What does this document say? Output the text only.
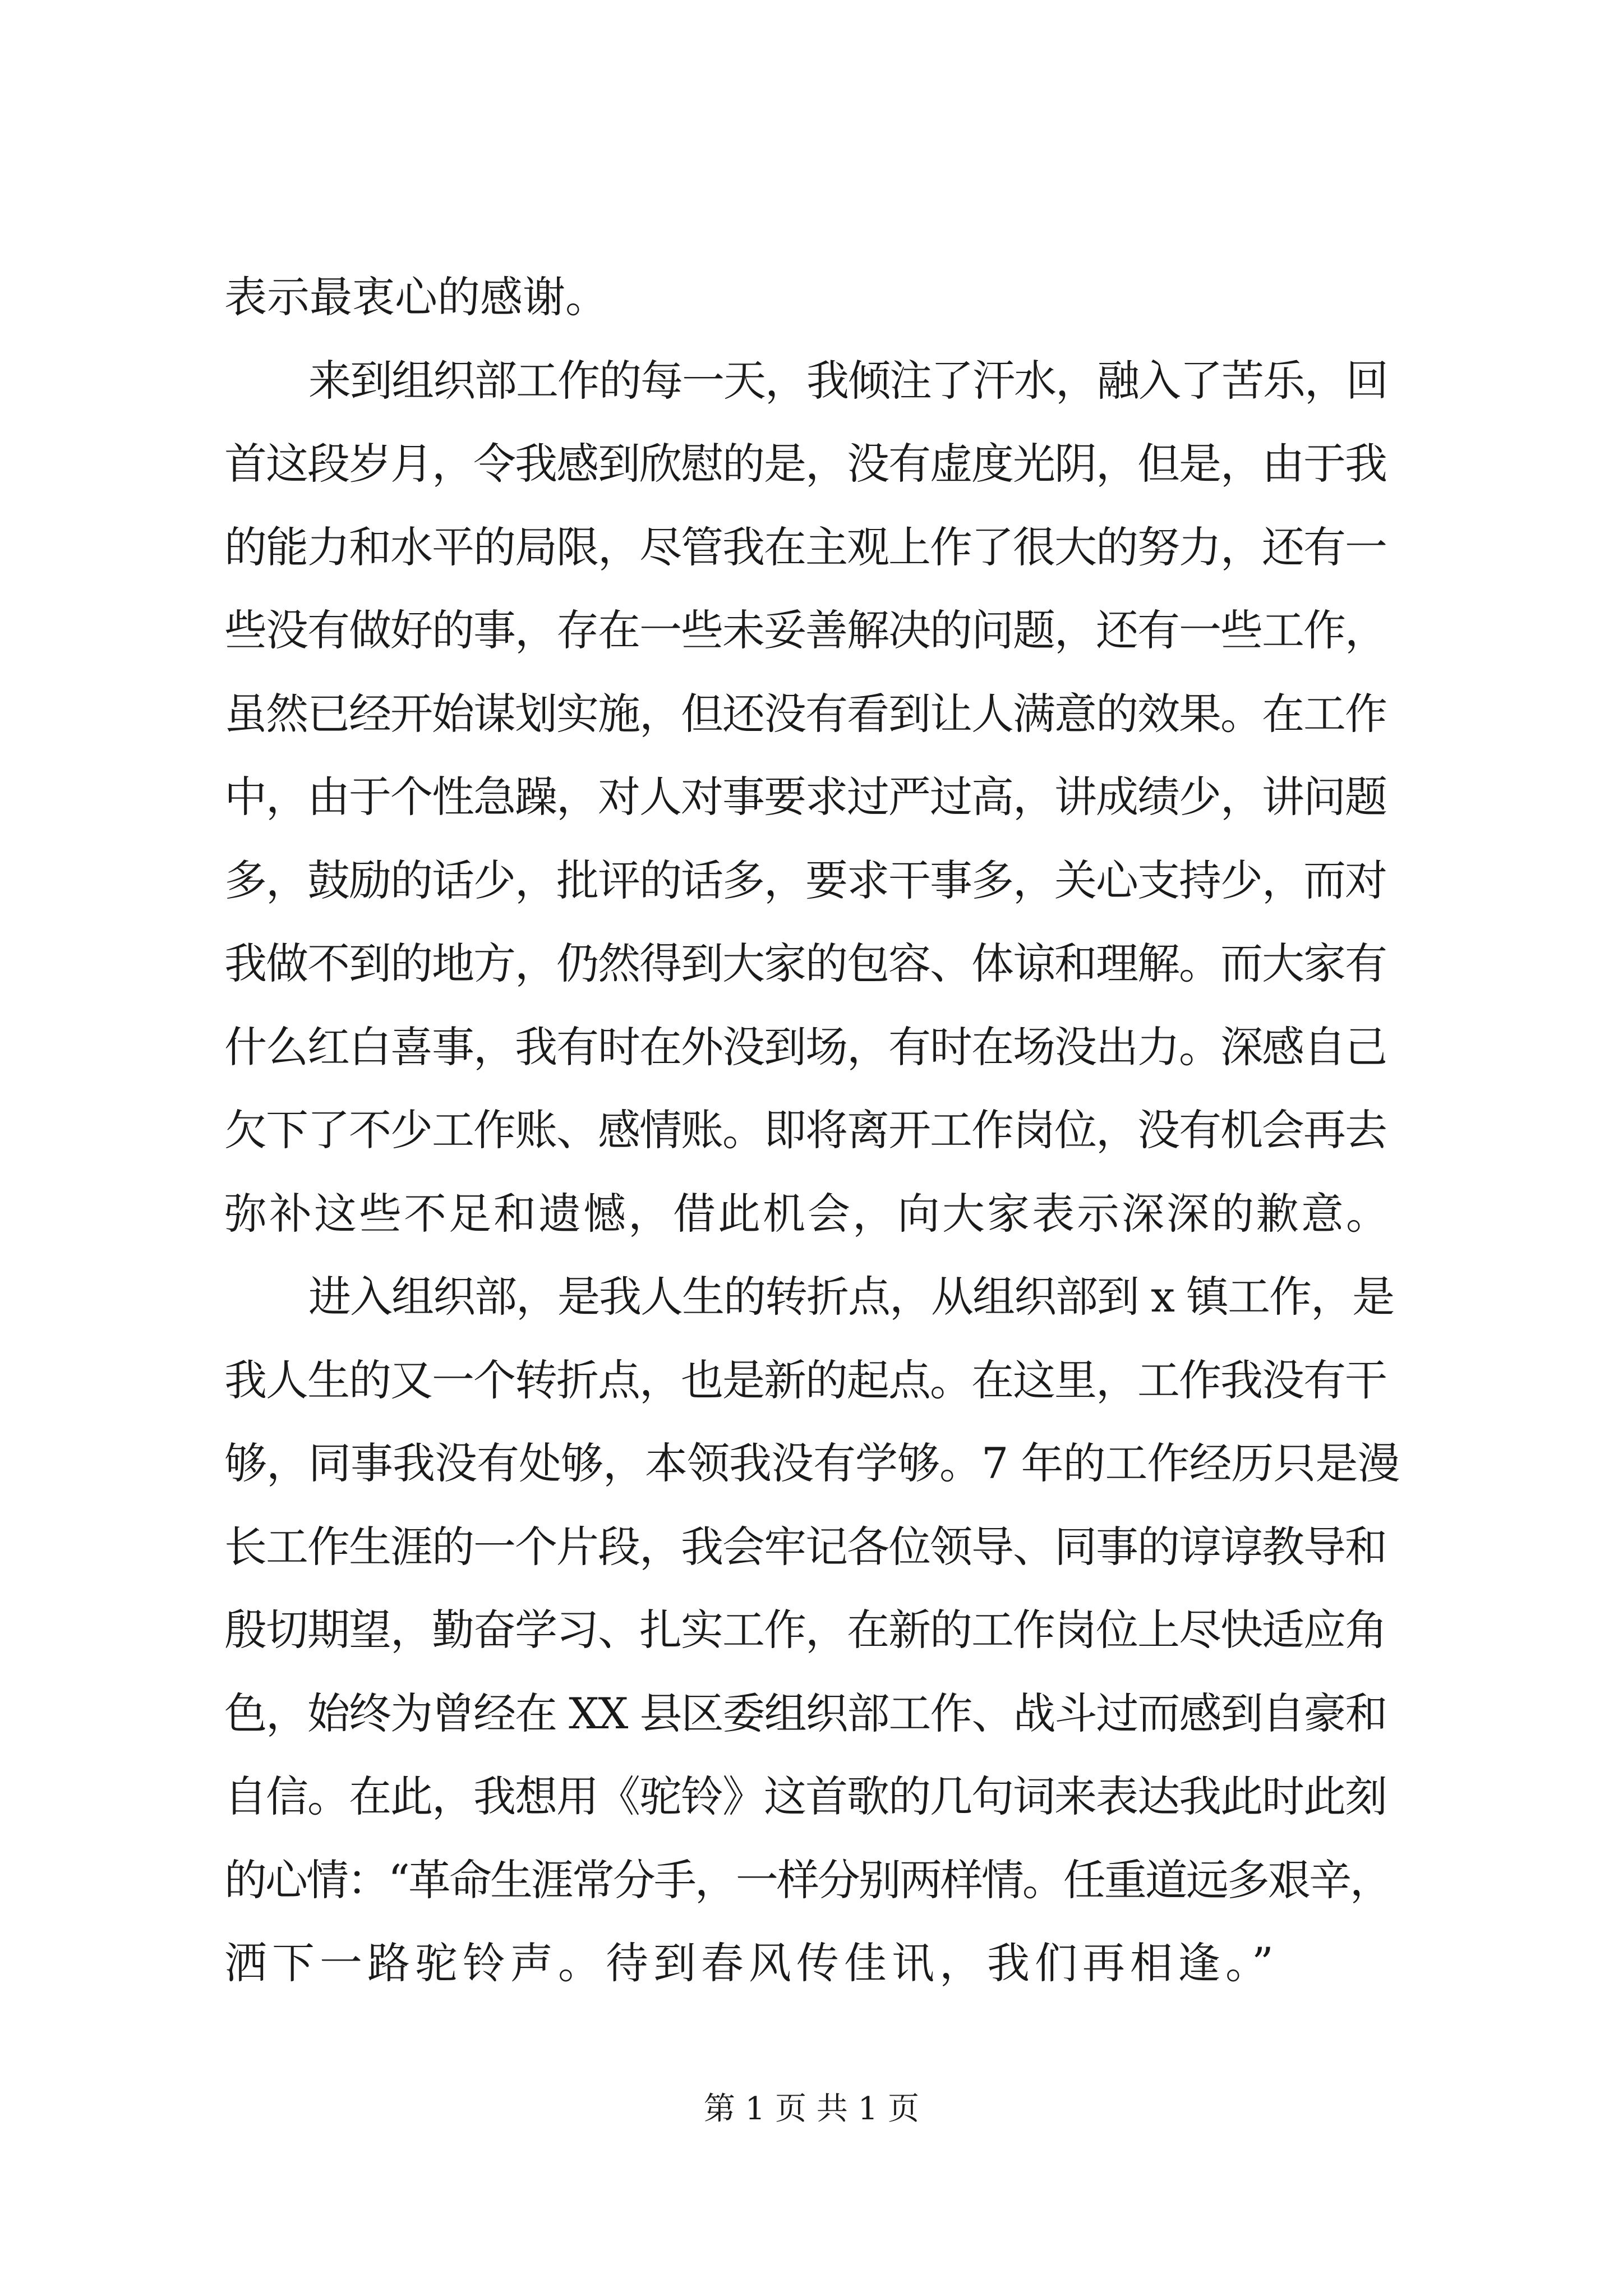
表示最衷心的感谢。
来到组织部工作的每一天，我倾注了汗水，融入了苦乐，回
首这段岁月，令我感到欣慰的是，没有虚度光阴，但是，由于我
的能力和水平的局限，尽管我在主观上作了很大的努力，还有一
些没有做好的事，存在一些未妥善解决的问题，还有一些工作，
虽然已经开始谋划实施，但还没有看到让人满意的效果。在工作
中，由于个性急躁，对人对事要求过严过高，讲成绩少，讲问题
多，鼓励的话少，批评的话多，要求干事多，关心支持少，而对
我做不到的地方，仍然得到大家的包容、体谅和理解。而大家有
什么红白喜事，我有时在外没到场，有时在场没出力。深感自己
欠下了不少工作账、感情账。即将离开工作岗位，没有机会再去
弥补这些不足和遗憾，借此机会，向大家表示深深的歉意。
进入组织部，是我人生的转折点，从组织部到 x 镇工作，是
我人生的又一个转折点，也是新的起点。在这里，工作我没有干
够，同事我没有处够，本领我没有学够。7 年的工作经历只是漫
长工作生涯的一个片段，我会牢记各位领导、同事的谆谆教导和
殷切期望，勤奋学习、扎实工作，在新的工作岗位上尽快适应角
色，始终为曾经在 XX 县区委组织部工作、战斗过而感到自豪和
自信。在此，我想用《驼铃》这首歌的几句词来表达我此时此刻
的心情：“革命生涯常分手，一样分别两样情。任重道远多艰辛，
洒下一路驼铃声。待到春风传佳讯，我们再相逢。”
第 1 页 共 1 页
